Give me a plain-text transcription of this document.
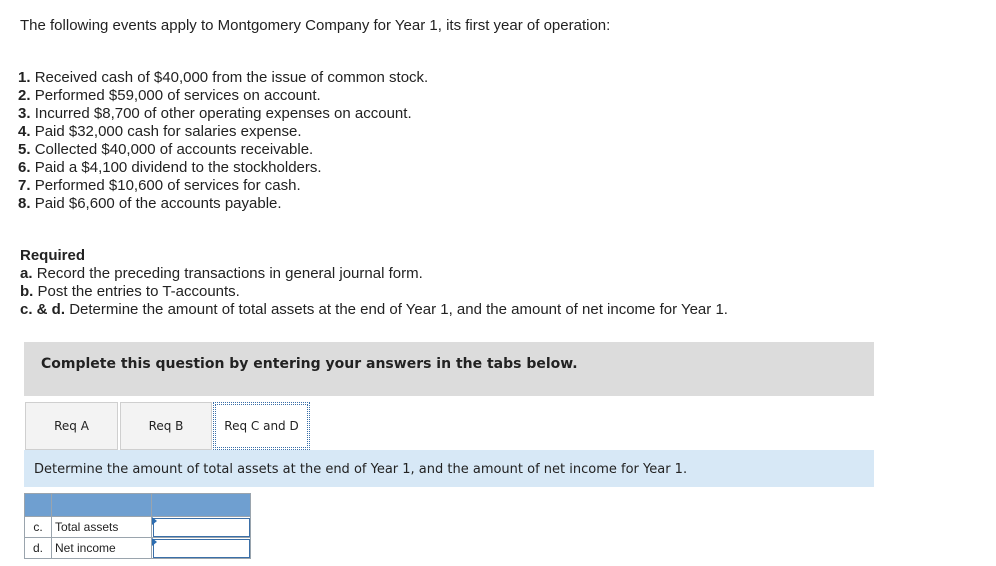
The following events apply to Montgomery Company for Year 1, its first year of operation:
1. Received cash of $40,000 from the issue of common stock.
2. Performed $59,000 of services on account.
3. Incurred $8,700 of other operating expenses on account.
4. Paid $32,000 cash for salaries expense.
5. Collected $40,000 of accounts receivable.
6. Paid a $4,100 dividend to the stockholders.
7. Performed $10,600 of services for cash.
8. Paid $6,600 of the accounts payable.
Required
a. Record the preceding transactions in general journal form.
b. Post the entries to T-accounts.
c. & d. Determine the amount of total assets at the end of Year 1, and the amount of net income for Year 1.
Complete this question by entering your answers in the tabs below.
Req A	Req B	Req C and D
Determine the amount of total assets at the end of Year 1, and the amount of net income for Year 1.

c.	Total assets	

d.	Net income	
